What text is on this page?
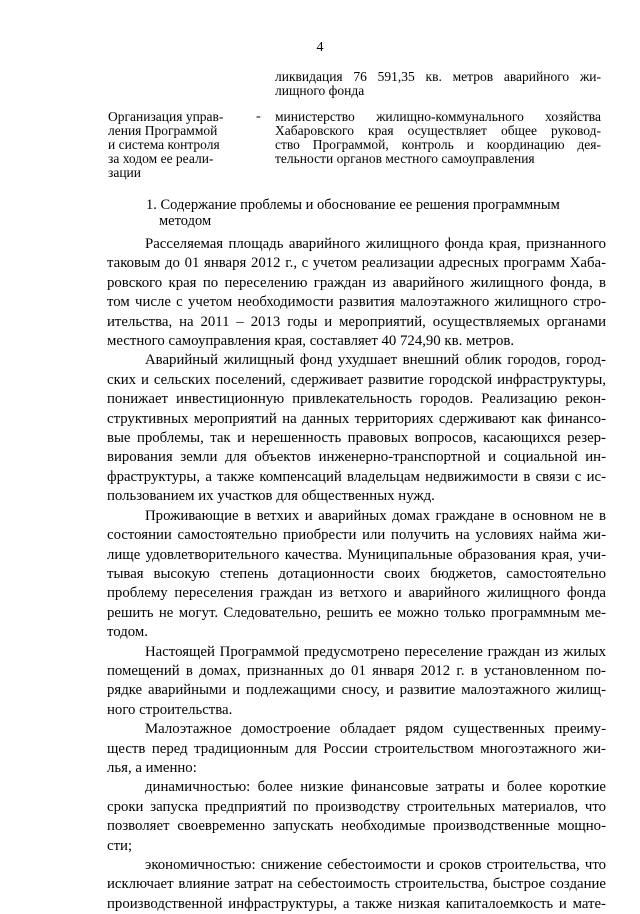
4
ликвидация 76 591,35 кв. метров аварийного жи-
лищного фонда
Организация управ-
ления Программой
и система контроля
за ходом ее реали-
зации
-	министерство жилищно-коммунального хозяйства
Хабаровского края осуществляет общее руковод-
ство Программой, контроль и координацию дея-
тельности органов местного самоуправления
1. Содержание проблемы и обоснование ее решения программным
методом
Расселяемая площадь аварийного жилищного фонда края, признанного
таковым до 01 января 2012 г., с учетом реализации адресных программ Хаба-
ровского края по переселению граждан из аварийного жилищного фонда, в
том числе с учетом необходимости развития малоэтажного жилищного стро-
ительства, на 2011 – 2013 годы и мероприятий, осуществляемых органами
местного самоуправления края, составляет 40 724,90 кв. метров.
Аварийный жилищный фонд ухудшает внешний облик городов, город-
ских и сельских поселений, сдерживает развитие городской инфраструктуры,
понижает инвестиционную привлекательность городов. Реализацию рекон-
структивных мероприятий на данных территориях сдерживают как финансо-
вые проблемы, так и нерешенность правовых вопросов, касающихся резер-
вирования земли для объектов инженерно-транспортной и социальной ин-
фраструктуры, а также компенсаций владельцам недвижимости в связи с ис-
пользованием их участков для общественных нужд.
Проживающие в ветхих и аварийных домах граждане в основном не в
состоянии самостоятельно приобрести или получить на условиях найма жи-
лище удовлетворительного качества. Муниципальные образования края, учи-
тывая высокую степень дотационности своих бюджетов, самостоятельно
проблему переселения граждан из ветхого и аварийного жилищного фонда
решить не могут. Следовательно, решить ее можно только программным ме-
тодом.
Настоящей Программой предусмотрено переселение граждан из жилых
помещений в домах, признанных до 01 января 2012 г. в установленном по-
рядке аварийными и подлежащими сносу, и развитие малоэтажного жилищ-
ного строительства.
Малоэтажное домостроение обладает рядом существенных преиму-
ществ перед традиционным для России строительством многоэтажного жи-
лья, а именно:
динамичностью: более низкие финансовые затраты и более короткие
сроки запуска предприятий по производству строительных материалов, что
позволяет своевременно запускать необходимые производственные мощно-
сти;
экономичностью: снижение себестоимости и сроков строительства, что
исключает влияние затрат на себестоимость строительства, быстрое создание
производственной инфраструктуры, а также низкая капиталоемкость и мате-
